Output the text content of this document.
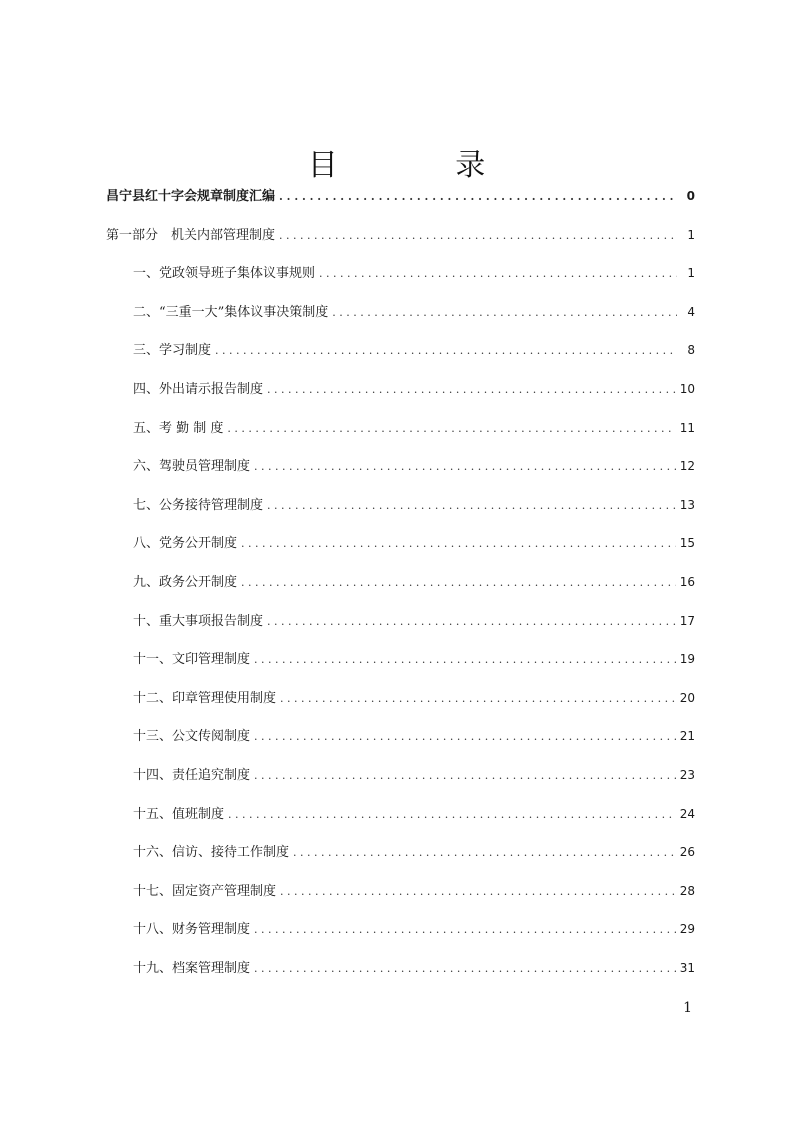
目 录
昌宁县红十字会规章制度汇编 . . .	0
第一部分　机关内部管理制度 . . .	1
一、党政领导班子集体议事规则 . . .	1
二、“三重一大”集体议事决策制度 . . .	4
三、学习制度 . . .	8
四、外出请示报告制度 . . .	10
五、考 勤 制 度 . . .	11
六、驾驶员管理制度 . . .	12
七、公务接待管理制度 . . .	13
八、党务公开制度 . . .	15
九、政务公开制度 . . .	16
十、重大事项报告制度 . . .	17
十一、文印管理制度 . . .	19
十二、印章管理使用制度 . . .	20
十三、公文传阅制度 . . .	21
十四、责任追究制度 . . .	23
十五、值班制度 . . .	24
十六、信访、接待工作制度 . . .	26
十七、固定资产管理制度 . . .	28
十八、财务管理制度 . . .	29
十九、档案管理制度 . . .	31
1
